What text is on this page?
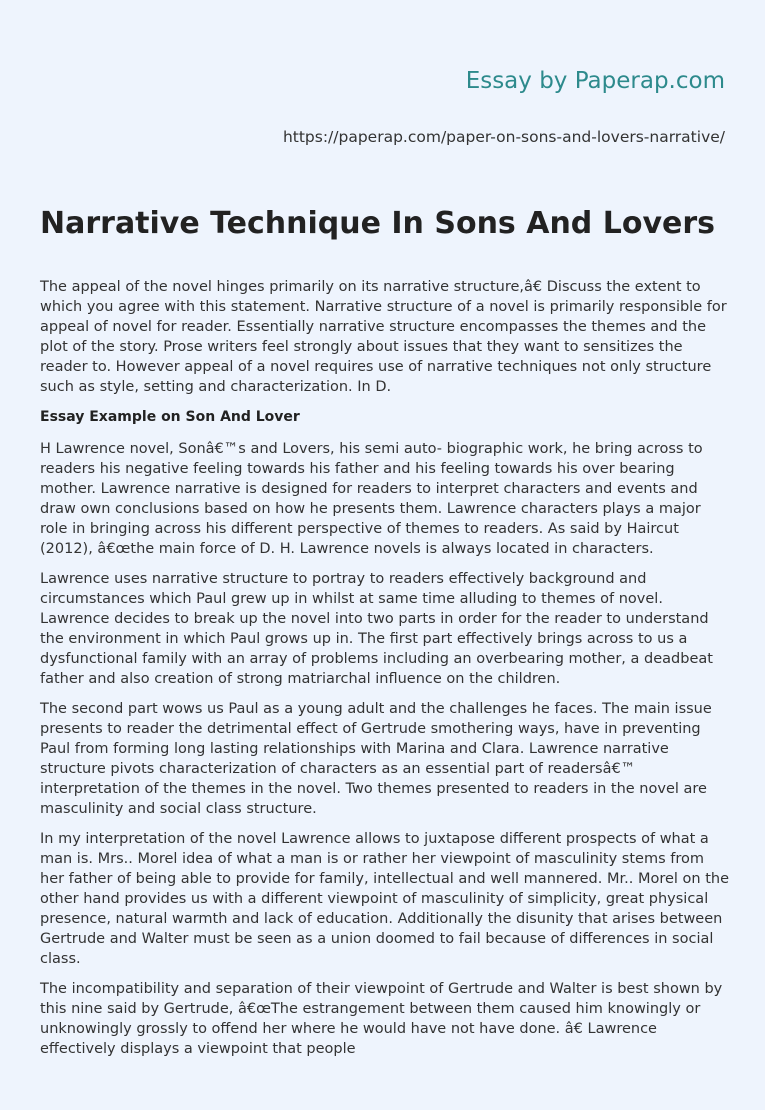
Essay by Paperap.com
https://paperap.com/paper-on-sons-and-lovers-narrative/
Narrative Technique In Sons And Lovers

The appeal of the novel hinges primarily on its narrative structure,â€ Discuss the extent to which you agree with this statement. Narrative structure of a novel is primarily responsible for appeal of novel for reader. Essentially narrative structure encompasses the themes and the plot of the story. Prose writers feel strongly about issues that they want to sensitizes the reader to. However appeal of a novel requires use of narrative techniques not only structure such as style, setting and characterization. In D.

Essay Example on Son And Lover

H Lawrence novel, Sonâ€™s and Lovers, his semi auto- biographic work, he bring across to readers his negative feeling towards his father and his feeling towards his over bearing mother. Lawrence narrative is designed for readers to interpret characters and events and draw own conclusions based on how he presents them. Lawrence characters plays a major role in bringing across his different perspective of themes to readers. As said by Haircut (2012), â€œthe main force of D. H. Lawrence novels is always located in characters.

Lawrence uses narrative structure to portray to readers effectively background and circumstances which Paul grew up in whilst at same time alluding to themes of novel. Lawrence decides to break up the novel into two parts in order for the reader to understand the environment in which Paul grows up in. The first part effectively brings across to us a dysfunctional family with an array of problems including an overbearing mother, a deadbeat father and also creation of strong matriarchal influence on the children.

The second part wows us Paul as a young adult and the challenges he faces. The main issue presents to reader the detrimental effect of Gertrude smothering ways, have in preventing Paul from forming long lasting relationships with Marina and Clara. Lawrence narrative structure pivots characterization of characters as an essential part of readersâ€™ interpretation of the themes in the novel. Two themes presented to readers in the novel are masculinity and social class structure.

In my interpretation of the novel Lawrence allows to juxtapose different prospects of what a man is. Mrs.. Morel idea of what a man is or rather her viewpoint of masculinity stems from her father of being able to provide for family, intellectual and well mannered. Mr.. Morel on the other hand provides us with a different viewpoint of masculinity of simplicity, great physical presence, natural warmth and lack of education. Additionally the disunity that arises between Gertrude and Walter must be seen as a union doomed to fail because of differences in social class.

The incompatibility and separation of their viewpoint of Gertrude and Walter is best shown by this nine said by Gertrude, â€œThe estrangement between them caused him knowingly or unknowingly grossly to offend her where he would have not have done. â€ Lawrence effectively displays a viewpoint that people
